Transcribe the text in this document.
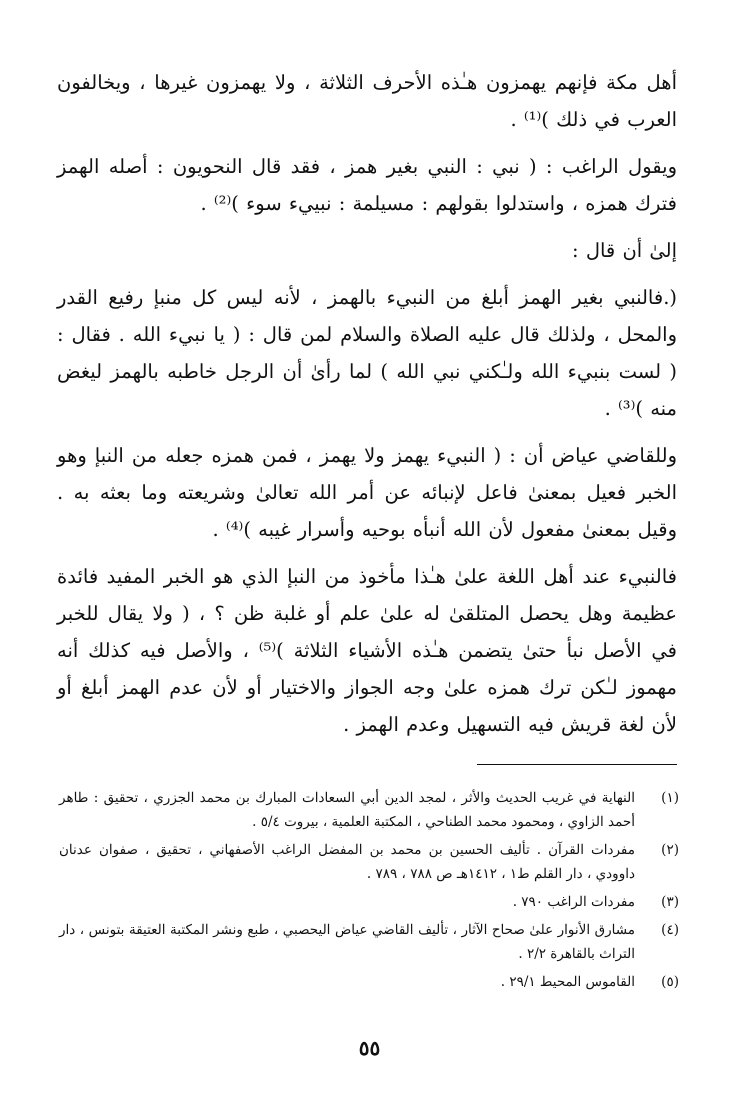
أهل مكة فإنهم يهمزون هـٰذه الأحرف الثلاثة ، ولا يهمزون غيرها ، ويخالفون العرب في ذلك )⁽¹⁾ .

ويقول الراغب : ( نبي : النبي بغير همز ، فقد قال النحويون : أصله الهمز فترك همزه ، واستدلوا بقولهم : مسيلمة : نبييء سوء )⁽²⁾ .

إلىٰ أن قال :

(.فالنبي بغير الهمز أبلغ من النبيء بالهمز ، لأنه ليس كل منبإ رفيع القدر والمحل ، ولذلك قال عليه الصلاة والسلام لمن قال : ( يا نبيء الله . فقال : ( لست بنبيء الله ولـٰكني نبي الله ) لما رأىٰ أن الرجل خاطبه بالهمز ليغض منه )⁽³⁾ .

وللقاضي عياض أن : ( النبيء يهمز ولا يهمز ، فمن همزه جعله من النبإ وهو الخبر فعيل بمعنىٰ فاعل لإنبائه عن أمر الله تعالىٰ وشريعته وما بعثه به . وقيل بمعنىٰ مفعول لأن الله أنبأه بوحيه وأسرار غيبه )⁽⁴⁾ .

فالنبيء عند أهل اللغة علىٰ هـٰذا مأخوذ من النبإ الذي هو الخبر المفيد فائدة عظيمة وهل يحصل المتلقىٰ له علىٰ علم أو غلبة ظن ؟ ، ( ولا يقال للخبر في الأصل نبأ حتىٰ يتضمن هـٰذه الأشياء الثلاثة )⁽⁵⁾ ، والأصل فيه كذلك أنه مهموز لـٰكن ترك همزه علىٰ وجه الجواز والاختيار أو لأن عدم الهمز أبلغ أو لأن لغة قريش فيه التسهيل وعدم الهمز .

(١)
النهاية في غريب الحديث والأثر ، لمجد الدين أبي السعادات المبارك بن محمد الجزري ، تحقيق : طاهر أحمد الزاوي ، ومحمود محمد الطناحي ، المكتبة العلمية ، بيروت ٥/٤ .
(٢)
مفردات القرآن . تأليف الحسين بن محمد بن المفضل الراغب الأصفهاني ، تحقيق ، صفوان عدنان داوودي ، دار القلم ط١ ، ١٤١٢هـ ص ٧٨٨ ، ٧٨٩ .
(٣)
مفردات الراغب ٧٩٠ .
(٤)
مشارق الأنوار علىٰ صحاح الآثار ، تأليف القاضي عياض اليحصبي ، طبع ونشر المكتبة العتيقة بتونس ، دار التراث بالقاهرة ٢/٢ .
(٥)
القاموس المحيط ٢٩/١ .
٥٥
